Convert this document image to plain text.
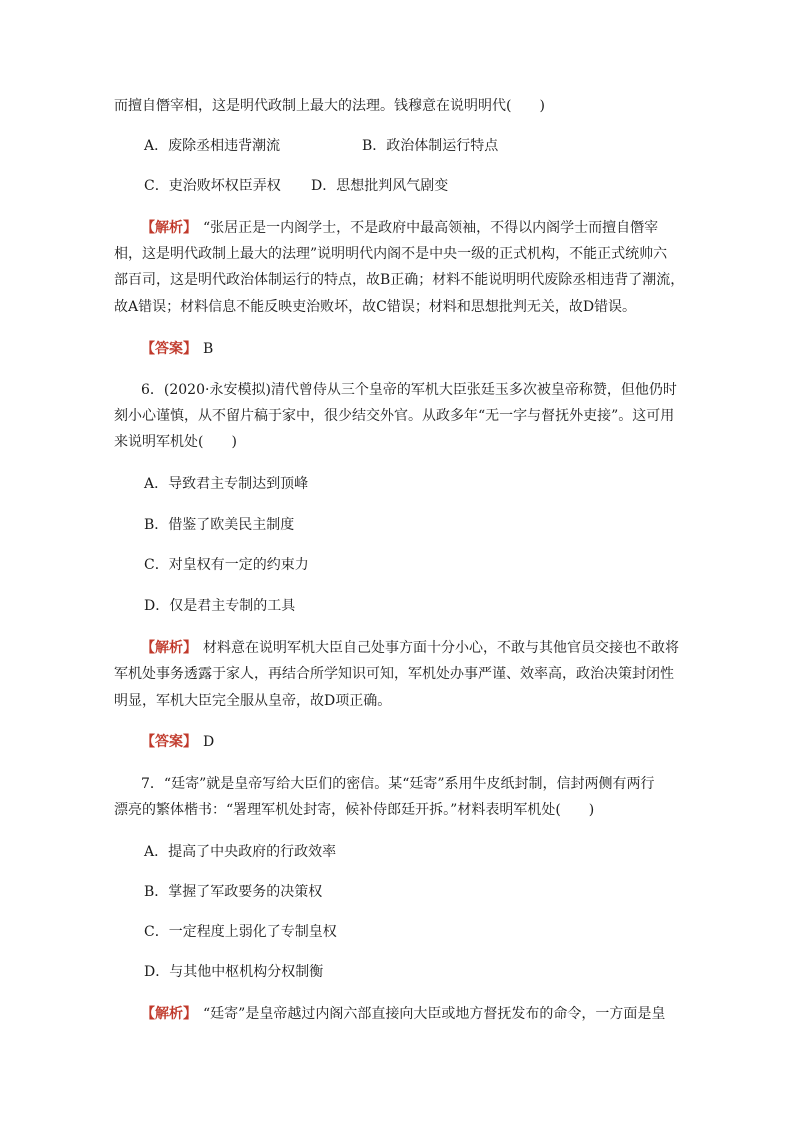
而擅自僭宰相，这是明代政制上最大的法理。钱穆意在说明明代(　　)
A．废除丞相违背潮流	B．政治体制运行特点
C．吏治败坏权臣弄权 D．思想批判风气剧变
【解析】 “张居正是一内阁学士，不是政府中最高领袖，不得以内阁学士而擅自僭宰
相，这是明代政制上最大的法理”说明明代内阁不是中央一级的正式机构，不能正式统帅六
部百司，这是明代政治体制运行的特点，故B正确；材料不能说明明代废除丞相违背了潮流，
故A错误；材料信息不能反映吏治败坏，故C错误；材料和思想批判无关，故D错误。
【答案】 B
6．(2020·永安模拟)清代曾侍从三个皇帝的军机大臣张廷玉多次被皇帝称赞，但他仍时
刻小心谨慎，从不留片稿于家中，很少结交外官。从政多年“无一字与督抚外吏接”。这可用
来说明军机处(　　)
A．导致君主专制达到顶峰
B．借鉴了欧美民主制度
C．对皇权有一定的约束力
D．仅是君主专制的工具
【解析】 材料意在说明军机大臣自己处事方面十分小心，不敢与其他官员交接也不敢将
军机处事务透露于家人，再结合所学知识可知，军机处办事严谨、效率高，政治决策封闭性
明显，军机大臣完全服从皇帝，故D项正确。
【答案】 D
7．“廷寄”就是皇帝写给大臣们的密信。某“廷寄”系用牛皮纸封制，信封两侧有两行
漂亮的繁体楷书：“署理军机处封寄，候补侍郎廷开拆。”材料表明军机处(　　)
A．提高了中央政府的行政效率
B．掌握了军政要务的决策权
C．一定程度上弱化了专制皇权
D．与其他中枢机构分权制衡
【解析】 “廷寄”是皇帝越过内阁六部直接向大臣或地方督抚发布的命令，一方面是皇
